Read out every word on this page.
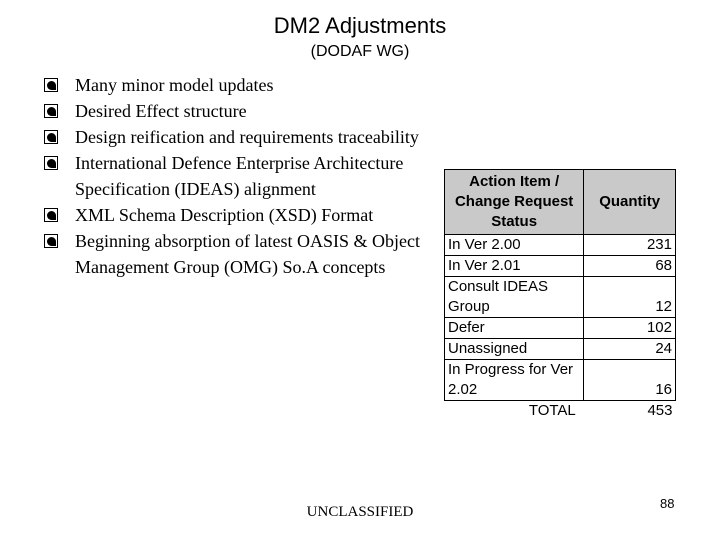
DM2 Adjustments
(DODAF WG)
Many minor model updates
Desired Effect structure
Design reification and requirements traceability
International Defence Enterprise Architecture Specification (IDEAS) alignment
XML Schema Description (XSD) Format
Beginning absorption of latest OASIS & Object Management Group (OMG) So.A concepts
Action Item / Change Request Status	Quantity
In Ver 2.00	231
In Ver 2.01	68
Consult IDEAS Group	12
Defer	102
Unassigned	24
In Progress for Ver 2.02	16
TOTAL	453
UNCLASSIFIED
88
